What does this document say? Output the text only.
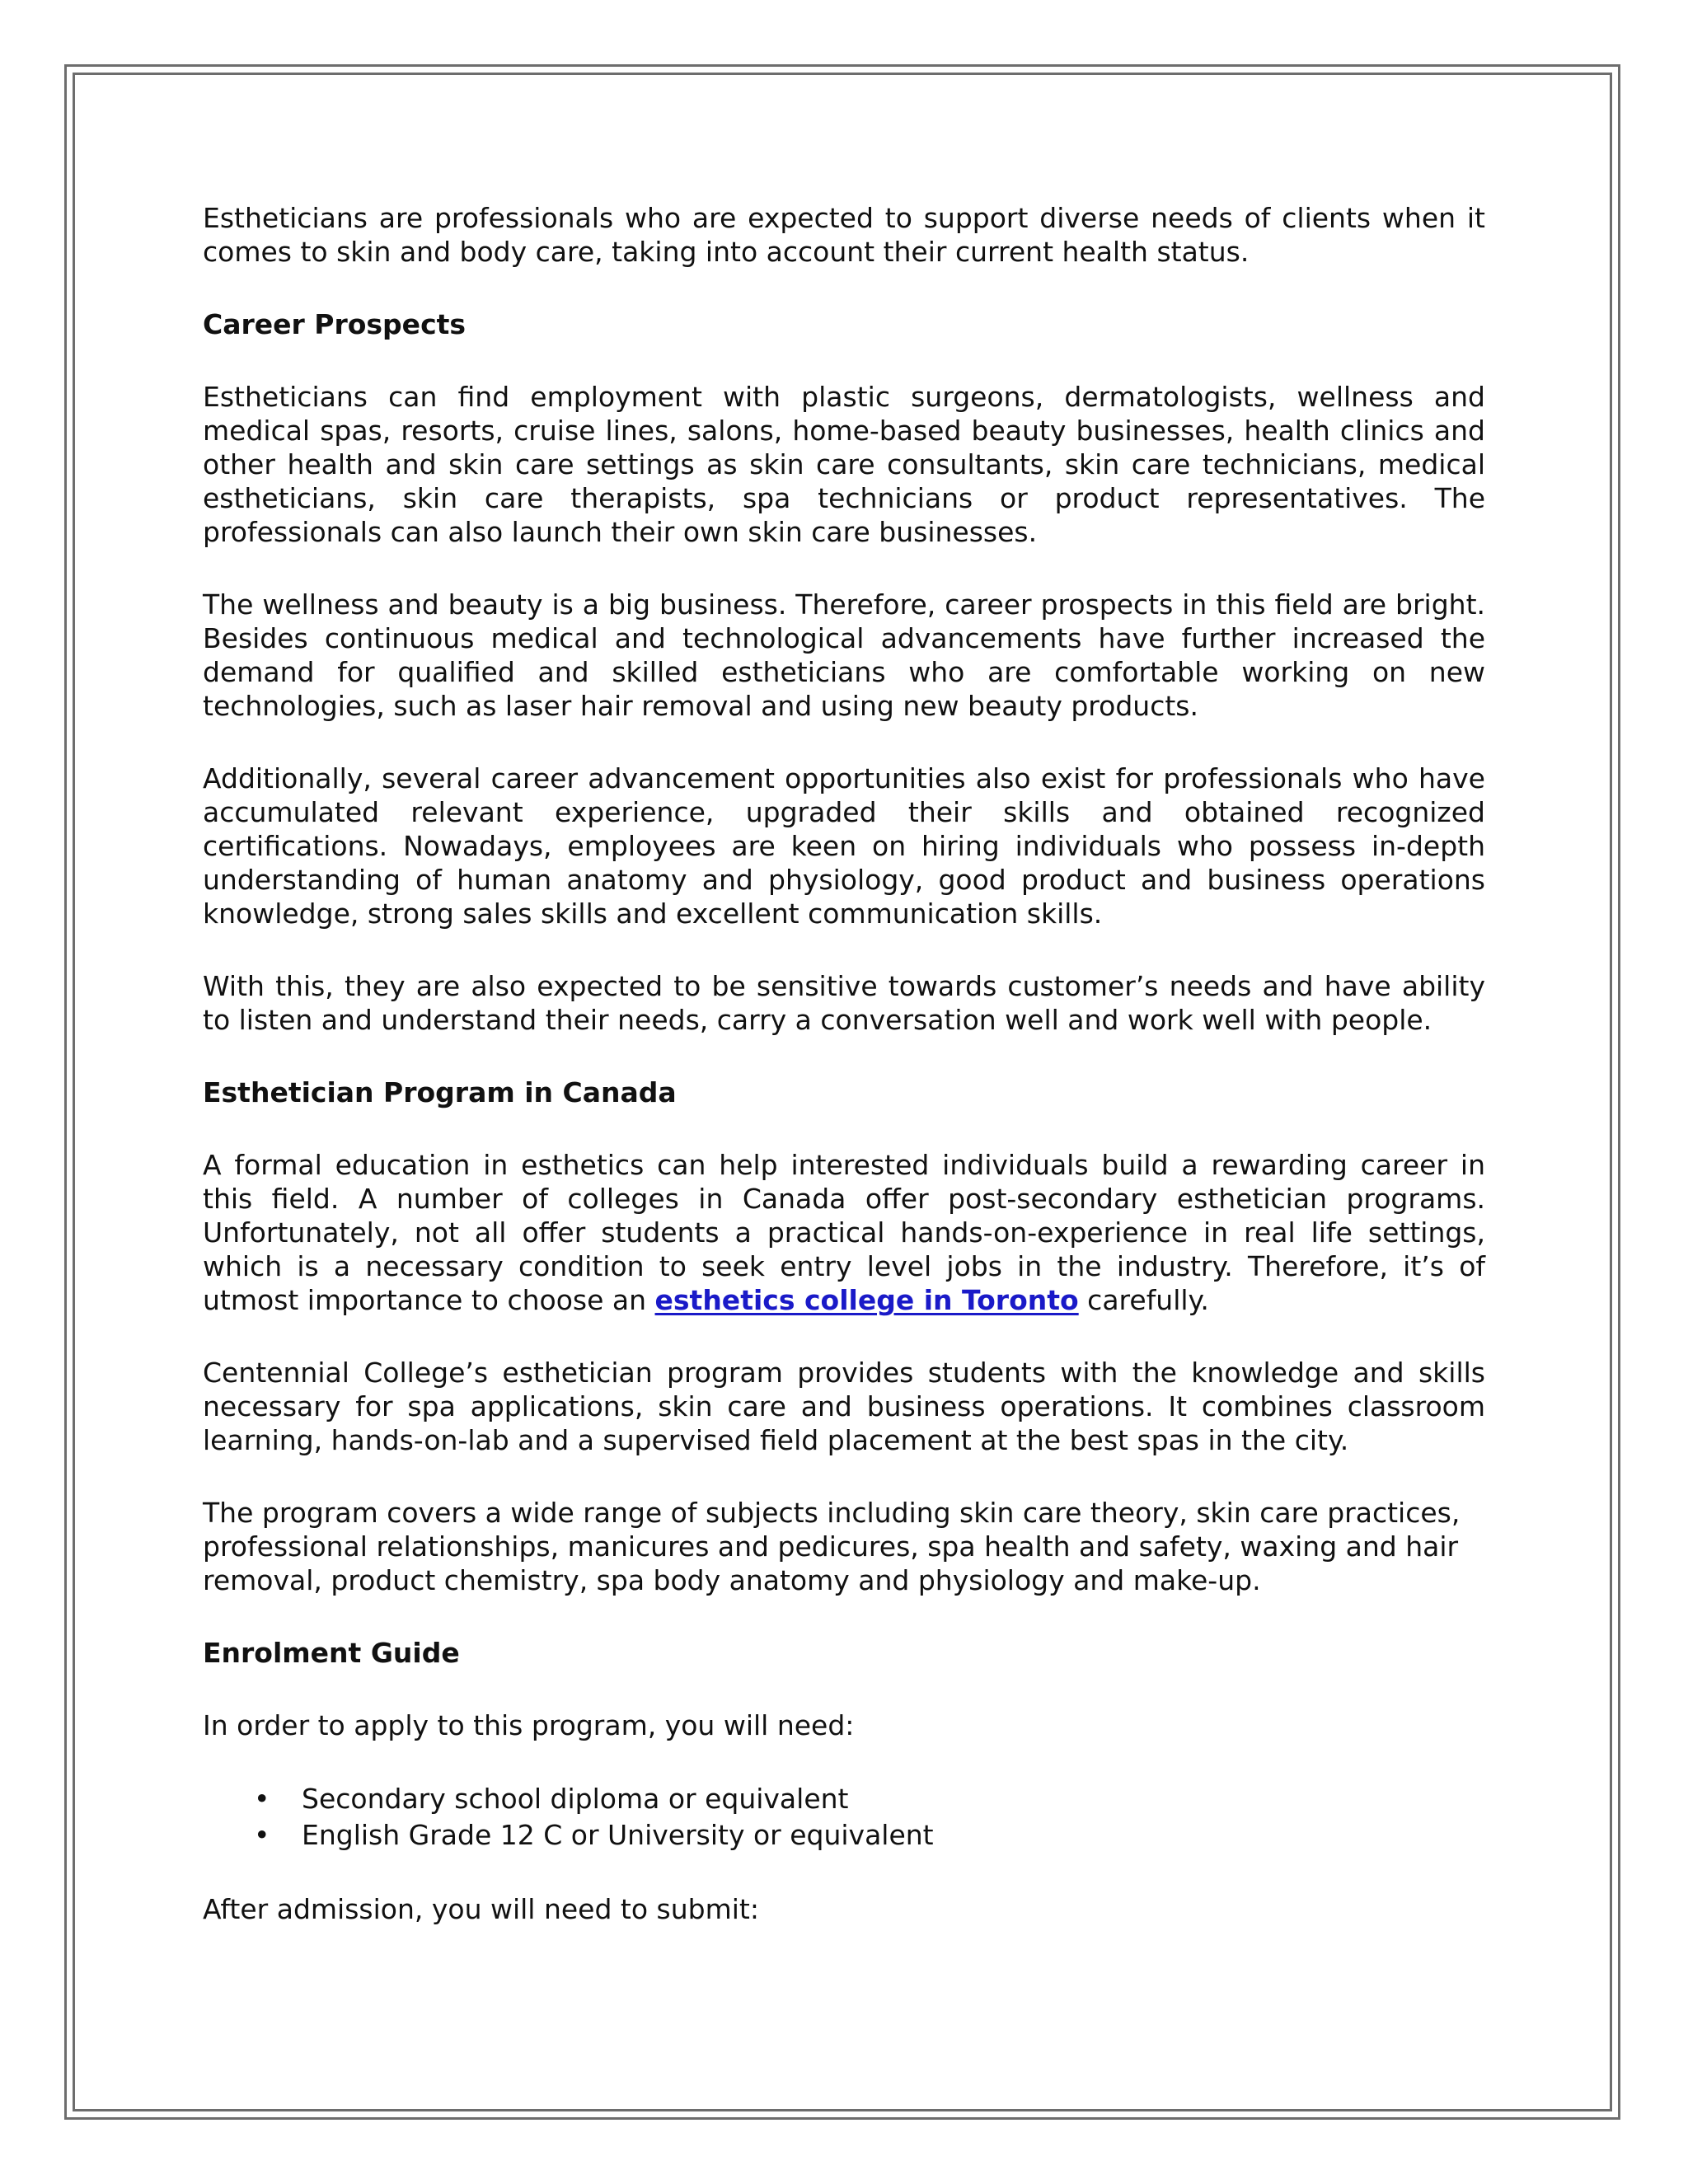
Estheticians are professionals who are expected to support diverse needs of clients when it comes to skin and body care, taking into account their current health status.

Career Prospects

Estheticians can find employment with plastic surgeons, dermatologists, wellness and medical spas, resorts, cruise lines, salons, home-based beauty businesses, health clinics and other health and skin care settings as skin care consultants, skin care technicians, medical estheticians, skin care therapists, spa technicians or product representatives. The professionals can also launch their own skin care businesses.

The wellness and beauty is a big business. Therefore, career prospects in this field are bright. Besides continuous medical and technological advancements have further increased the demand for qualified and skilled estheticians who are comfortable working on new technologies, such as laser hair removal and using new beauty products.

Additionally, several career advancement opportunities also exist for professionals who have accumulated relevant experience, upgraded their skills and obtained recognized certifications. Nowadays, employees are keen on hiring individuals who possess in-depth understanding of human anatomy and physiology, good product and business operations knowledge, strong sales skills and excellent communication skills.

With this, they are also expected to be sensitive towards customer’s needs and have ability to listen and understand their needs, carry a conversation well and work well with people.

Esthetician Program in Canada

A formal education in esthetics can help interested individuals build a rewarding career in this field. A number of colleges in Canada offer post-secondary esthetician programs. Unfortunately, not all offer students a practical hands-on-experience in real life settings, which is a necessary condition to seek entry level jobs in the industry. Therefore, it’s of utmost importance to choose an esthetics college in Toronto carefully.

Centennial College’s esthetician program provides students with the knowledge and skills necessary for spa applications, skin care and business operations. It combines classroom learning, hands-on-lab and a supervised field placement at the best spas in the city.

The program covers a wide range of subjects including skin care theory, skin care practices, professional relationships, manicures and pedicures, spa health and safety, waxing and hair removal, product chemistry, spa body anatomy and physiology and make-up.

Enrolment Guide

In order to apply to this program, you will need:

• Secondary school diploma or equivalent
• English Grade 12 C or University or equivalent

After admission, you will need to submit:
